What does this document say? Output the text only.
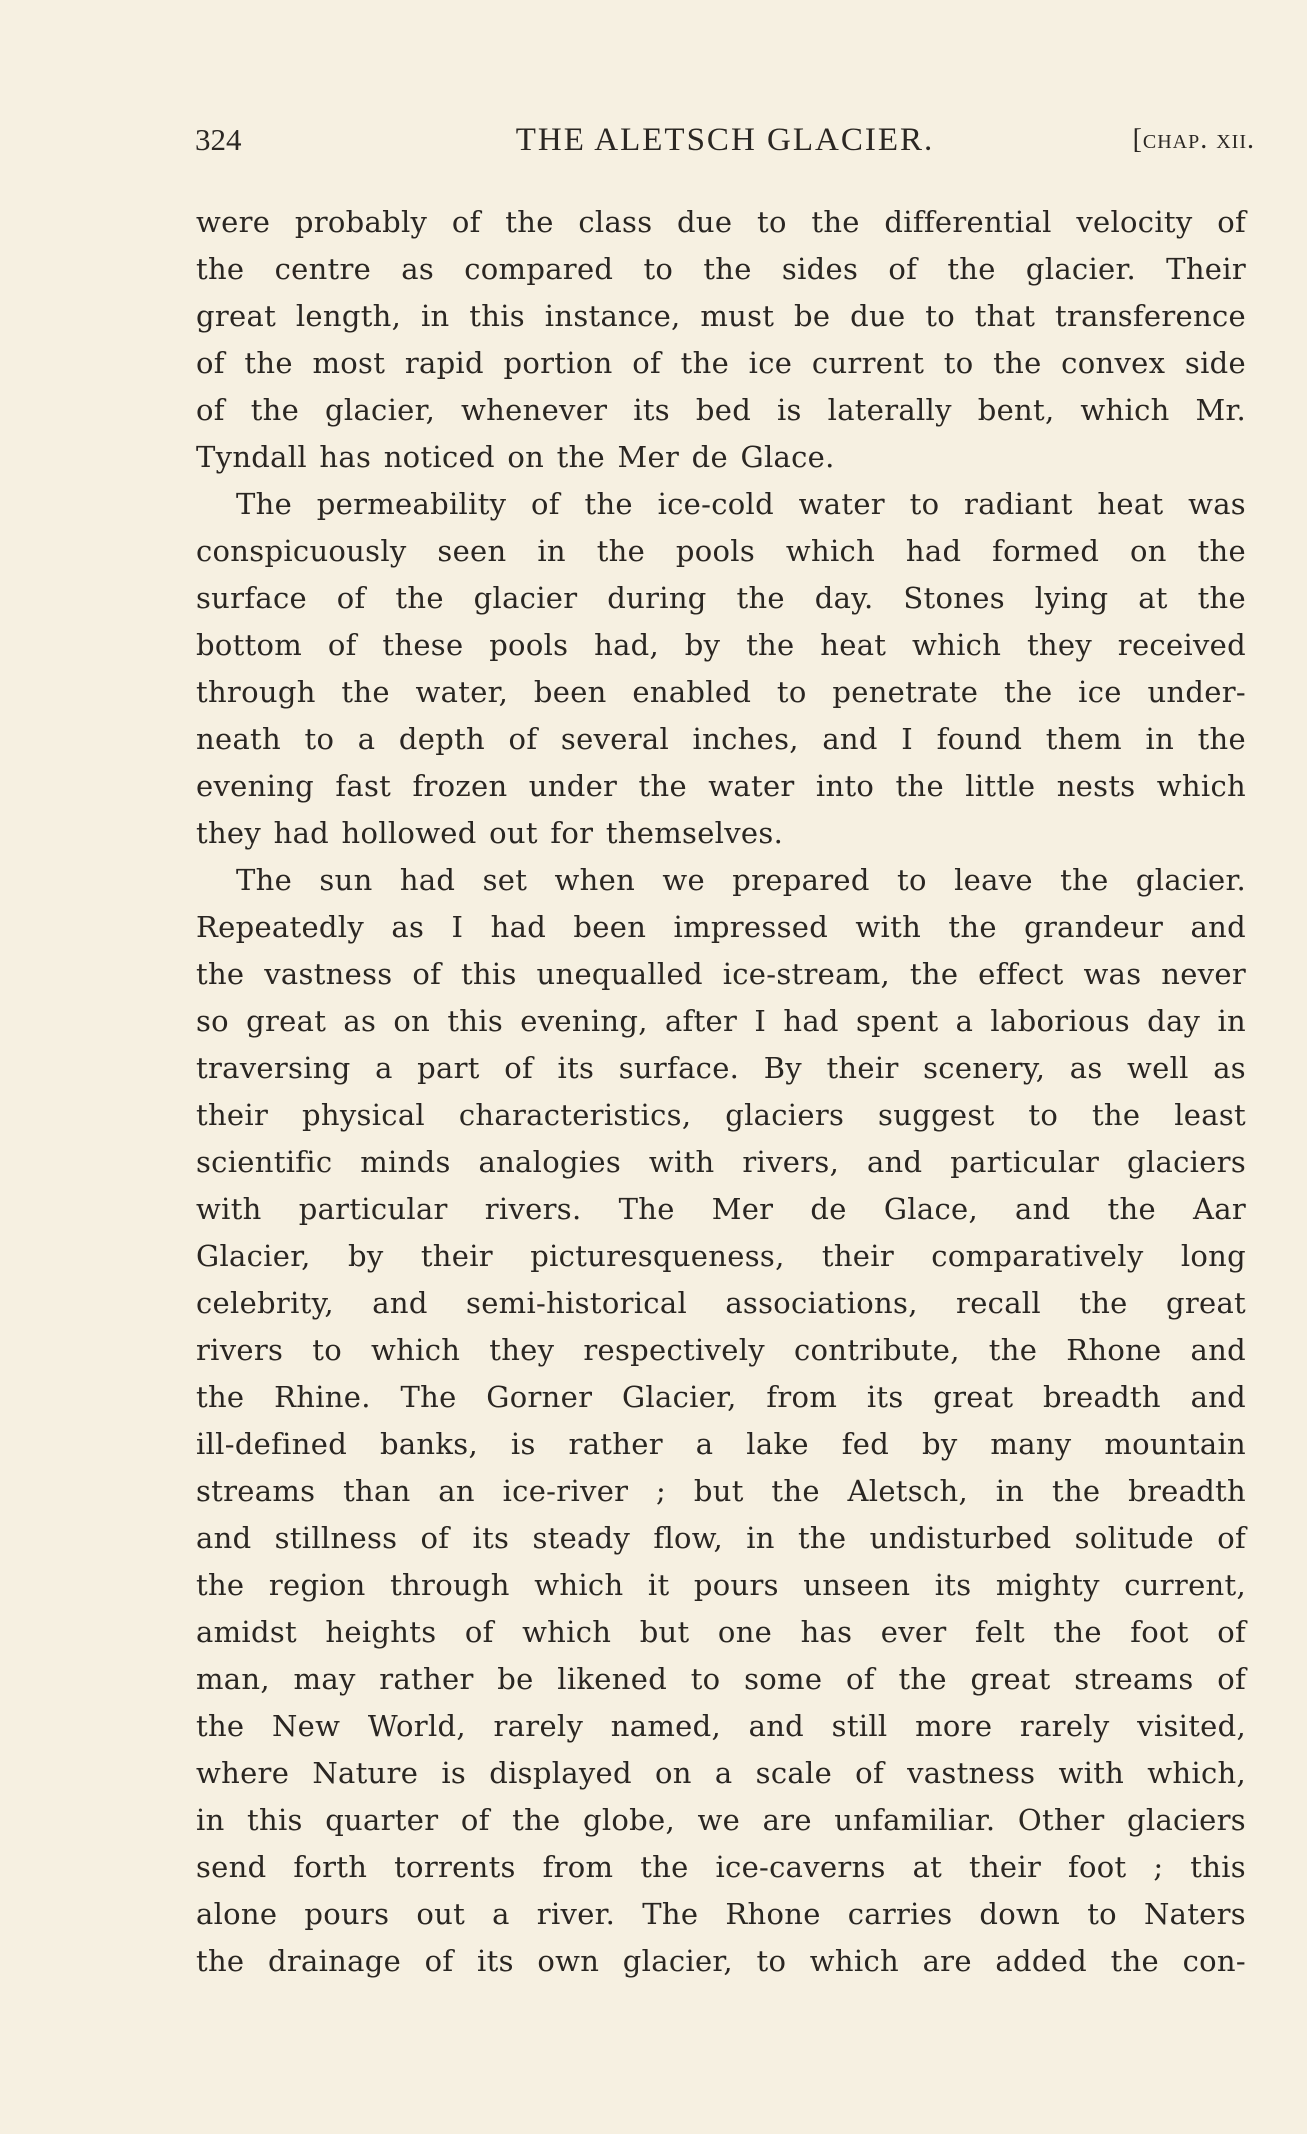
324	THE ALETSCH GLACIER.	[chap. xii.
were probably of the class due to the differential velocity of
the centre as compared to the sides of the glacier. Their
great length, in this instance, must be due to that transference
of the most rapid portion of the ice current to the convex side
of the glacier, whenever its bed is laterally bent, which Mr.
Tyndall has noticed on the Mer de Glace.
The permeability of the ice-cold water to radiant heat was
conspicuously seen in the pools which had formed on the
surface of the glacier during the day. Stones lying at the
bottom of these pools had, by the heat which they received
through the water, been enabled to penetrate the ice under-
neath to a depth of several inches, and I found them in the
evening fast frozen under the water into the little nests which
they had hollowed out for themselves.
The sun had set when we prepared to leave the glacier.
Repeatedly as I had been impressed with the grandeur and
the vastness of this unequalled ice-stream, the effect was never
so great as on this evening, after I had spent a laborious day in
traversing a part of its surface. By their scenery, as well as
their physical characteristics, glaciers suggest to the least
scientific minds analogies with rivers, and particular glaciers
with particular rivers. The Mer de Glace, and the Aar
Glacier, by their picturesqueness, their comparatively long
celebrity, and semi-historical associations, recall the great
rivers to which they respectively contribute, the Rhone and
the Rhine. The Gorner Glacier, from its great breadth and
ill-defined banks, is rather a lake fed by many mountain
streams than an ice-river ; but the Aletsch, in the breadth
and stillness of its steady flow, in the undisturbed solitude of
the region through which it pours unseen its mighty current,
amidst heights of which but one has ever felt the foot of
man, may rather be likened to some of the great streams of
the New World, rarely named, and still more rarely visited,
where Nature is displayed on a scale of vastness with which,
in this quarter of the globe, we are unfamiliar. Other glaciers
send forth torrents from the ice-caverns at their foot ; this
alone pours out a river. The Rhone carries down to Naters
the drainage of its own glacier, to which are added the con-
